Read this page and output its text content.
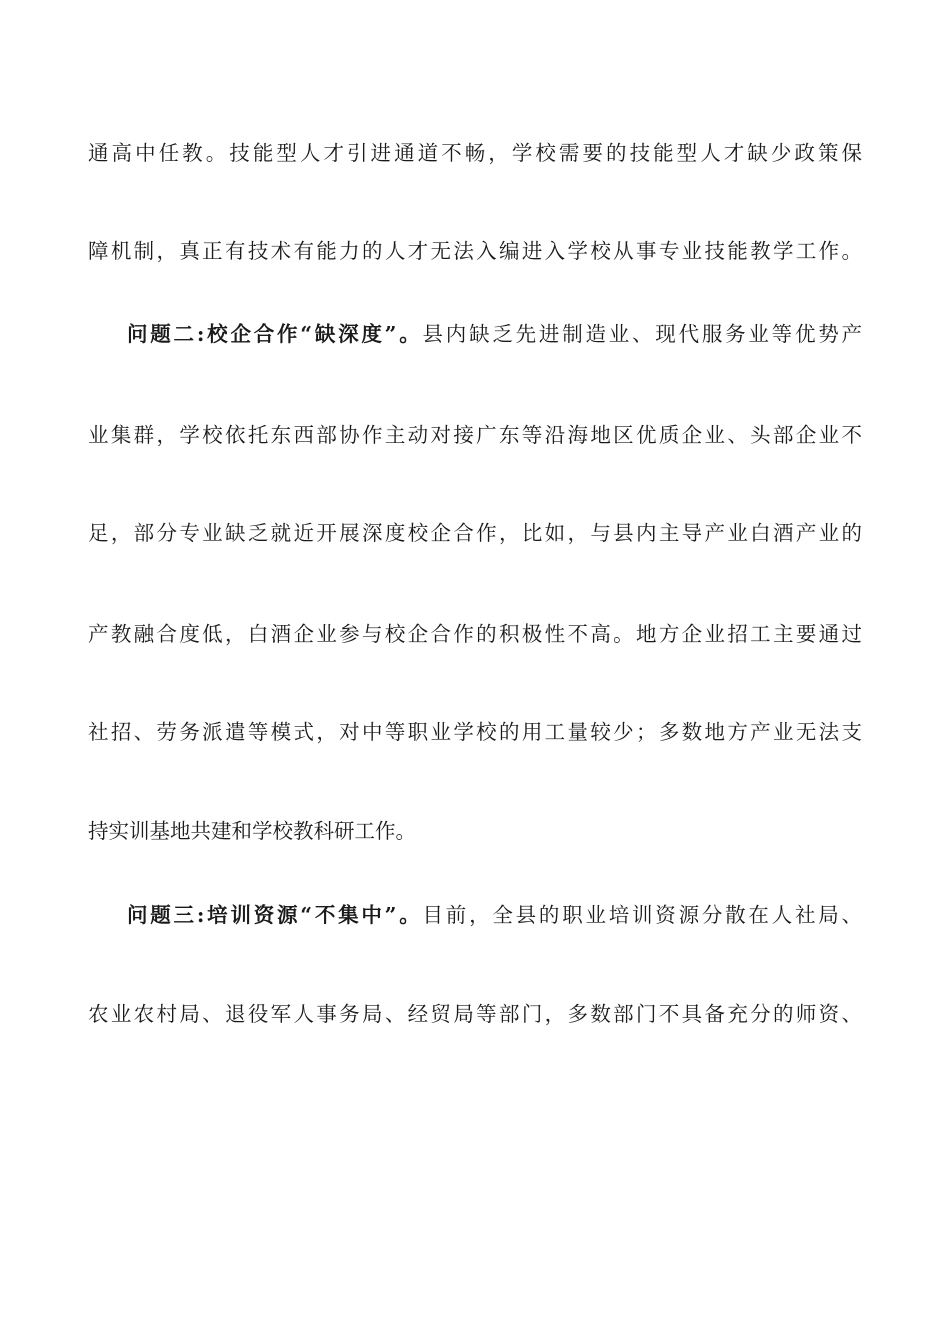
通高中任教。技能型人才引进通道不畅，学校需要的技能型人才缺少政策保
障机制，真正有技术有能力的人才无法入编进入学校从事专业技能教学工作。
问题二:校企合作“缺深度”。县内缺乏先进制造业、现代服务业等优势产
业集群，学校依托东西部协作主动对接广东等沿海地区优质企业、头部企业不
足，部分专业缺乏就近开展深度校企合作，比如，与县内主导产业白酒产业的
产教融合度低，白酒企业参与校企合作的积极性不高。地方企业招工主要通过
社招、劳务派遣等模式，对中等职业学校的用工量较少；多数地方产业无法支
持实训基地共建和学校教科研工作。
问题三:培训资源“不集中”。目前，全县的职业培训资源分散在人社局、
农业农村局、退役军人事务局、经贸局等部门，多数部门不具备充分的师资、
